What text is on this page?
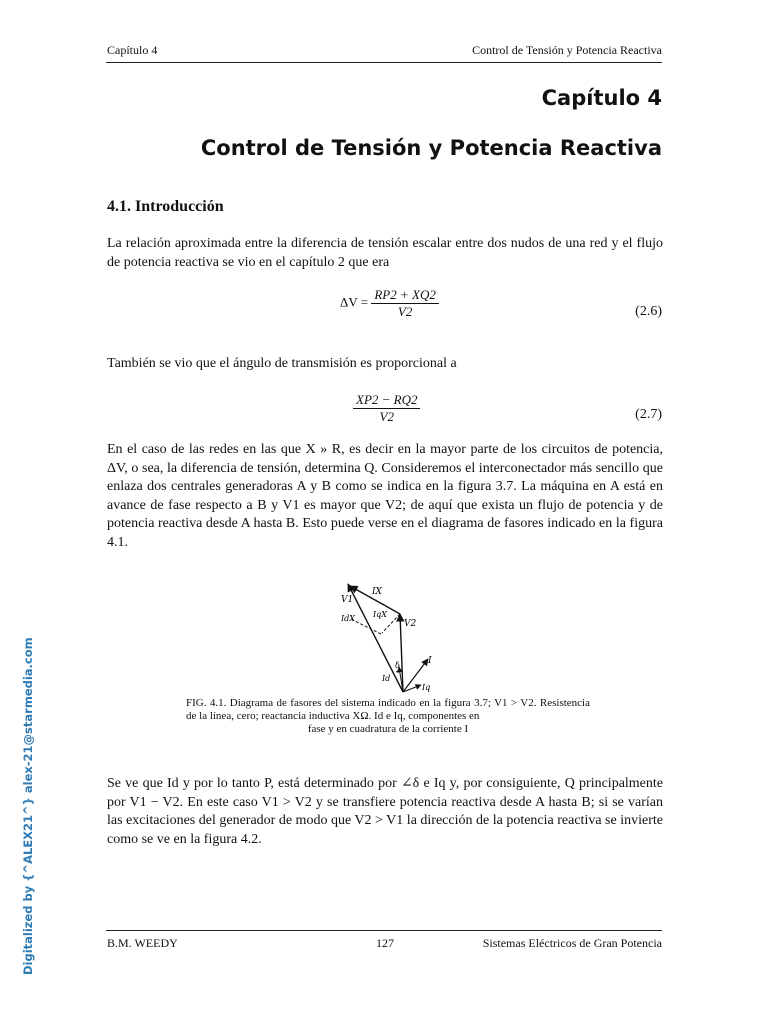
Capítulo 4	Control de Tensión y Potencia Reactiva
Capítulo 4
Control de Tensión y Potencia Reactiva
4.1. Introducción
La relación aproximada entre la diferencia de tensión escalar entre dos nudos de una red y el flujo de potencia reactiva se vio en el capítulo 2 que era
$\Delta V = \frac{RP2 + XQ2}{V2}$	(2.6)
También se vio que el ángulo de transmisión es proporcional a
$\frac{XP2 - RQ2}{V2}$	(2.7)
En el caso de las redes en las que X » R, es decir en la mayor parte de los circuitos de potencia, ΔV, o sea, la diferencia de tensión, determina Q. Consideremos el interconectador más sencillo que enlaza dos centrales generadoras A y B como se indica en la figura 3.7. La máquina en A está en avance de fase respecto a B y V1 es mayor que V2; de aquí que exista un flujo de potencia y de potencia reactiva desde A hasta B. Esto puede verse en el diagrama de fasores indicado en la figura 4.1.
V1
IX
IdX IqX
V2
δ	I
Id
Iq
FIG. 4.1. Diagrama de fasores del sistema indicado en la figura 3.7; V1 > V2. Resistencia de la línea, cero; reactancia inductiva XΩ. Id e Iq, componentes en
fase y en cuadratura de la corriente I
Se ve que Id y por lo tanto P, está determinado por ∠δ e Iq y, por consiguiente, Q principalmente por V1 − V2. En este caso V1 > V2 y se transfiere potencia reactiva desde A hasta B; si se varían las excitaciones del generador de modo que V2 > V1 la dirección de la potencia reactiva se invierte como se ve en la figura 4.2.
B.M. WEEDY	127	Sistemas Eléctricos de Gran Potencia
Digitalized by {^ALEX21^} alex-21@starmedia.com
